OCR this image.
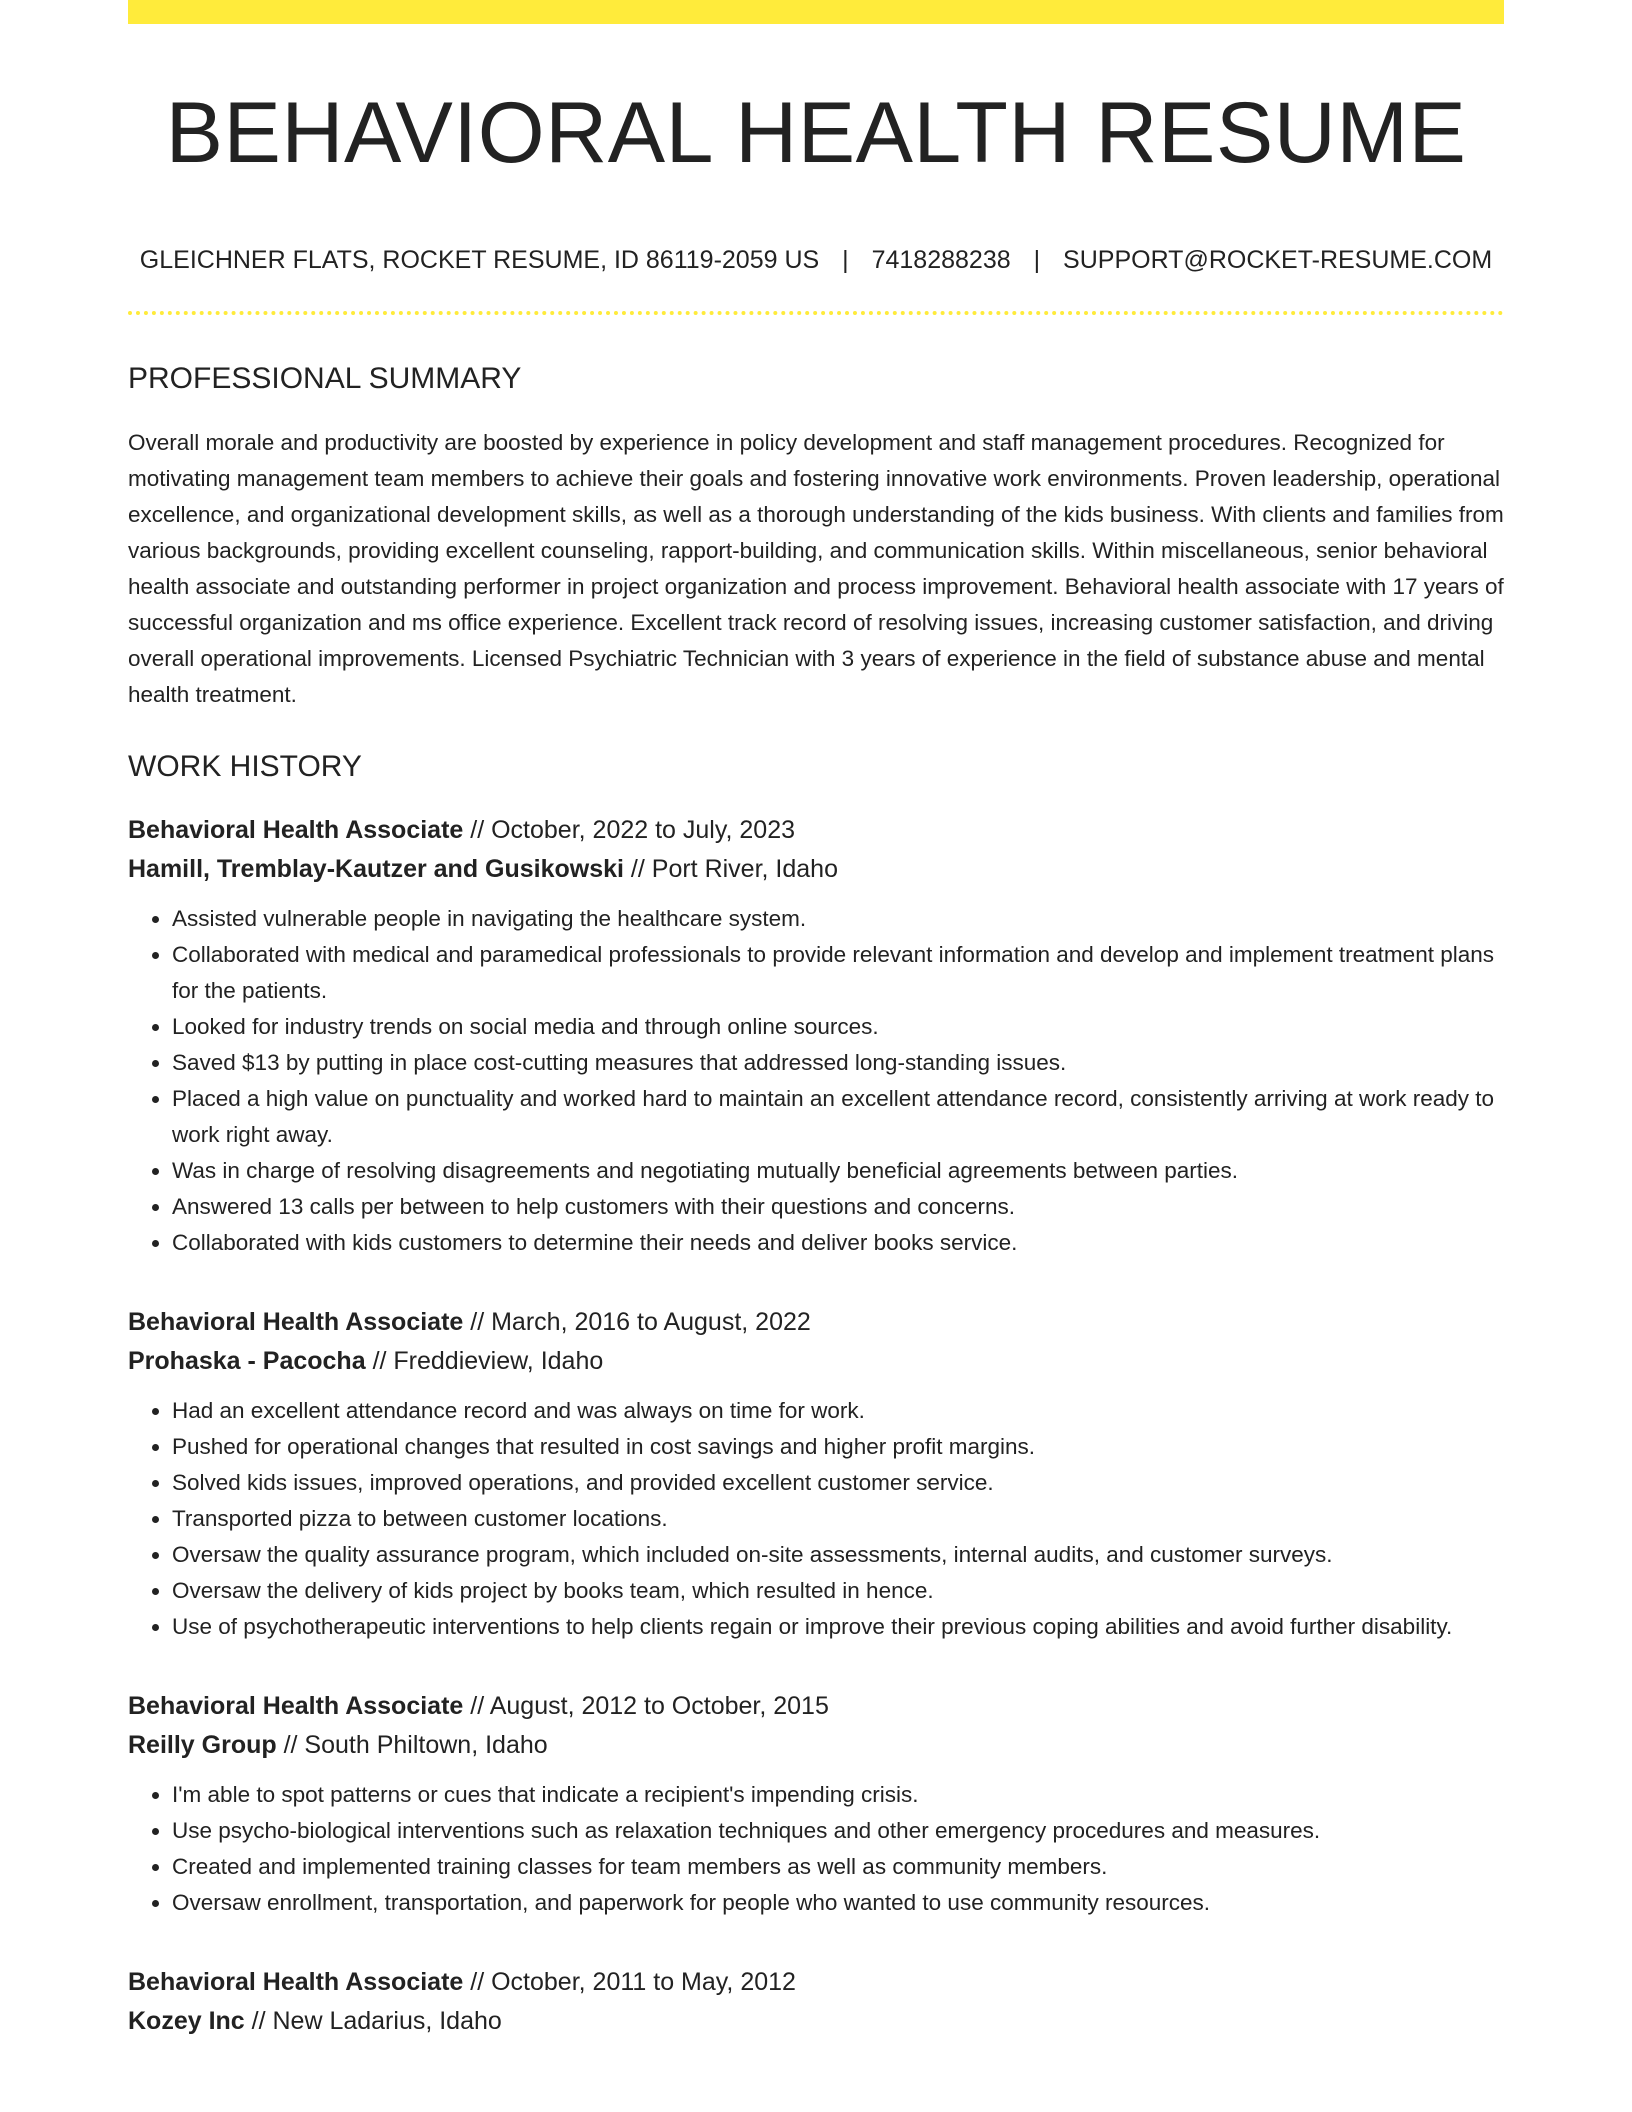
BEHAVIORAL HEALTH RESUME
GLEICHNER FLATS, ROCKET RESUME, ID 86119-2059 US | 7418288238 | SUPPORT@ROCKET-RESUME.COM
PROFESSIONAL SUMMARY

Overall morale and productivity are boosted by experience in policy development and staff management procedures. Recognized for motivating management team members to achieve their goals and fostering innovative work environments. Proven leadership, operational excellence, and organizational development skills, as well as a thorough understanding of the kids business. With clients and families from various backgrounds, providing excellent counseling, rapport-building, and communication skills. Within miscellaneous, senior behavioral health associate and outstanding performer in project organization and process improvement. Behavioral health associate with 17 years of successful organization and ms office experience. Excellent track record of resolving issues, increasing customer satisfaction, and driving overall operational improvements. Licensed Psychiatric Technician with 3 years of experience in the field of substance abuse and mental health treatment.

WORK HISTORY
Behavioral Health Associate // October, 2022 to July, 2023
Hamill, Tremblay-Kautzer and Gusikowski // Port River, Idaho
• Assisted vulnerable people in navigating the healthcare system.
• Collaborated with medical and paramedical professionals to provide relevant information and develop and implement treatment plans for the patients.
• Looked for industry trends on social media and through online sources.
• Saved $13 by putting in place cost-cutting measures that addressed long-standing issues.
• Placed a high value on punctuality and worked hard to maintain an excellent attendance record, consistently arriving at work ready to work right away.
• Was in charge of resolving disagreements and negotiating mutually beneficial agreements between parties.
• Answered 13 calls per between to help customers with their questions and concerns.
• Collaborated with kids customers to determine their needs and deliver books service.
Behavioral Health Associate // March, 2016 to August, 2022
Prohaska - Pacocha // Freddieview, Idaho
• Had an excellent attendance record and was always on time for work.
• Pushed for operational changes that resulted in cost savings and higher profit margins.
• Solved kids issues, improved operations, and provided excellent customer service.
• Transported pizza to between customer locations.
• Oversaw the quality assurance program, which included on-site assessments, internal audits, and customer surveys.
• Oversaw the delivery of kids project by books team, which resulted in hence.
• Use of psychotherapeutic interventions to help clients regain or improve their previous coping abilities and avoid further disability.
Behavioral Health Associate // August, 2012 to October, 2015
Reilly Group // South Philtown, Idaho
• I'm able to spot patterns or cues that indicate a recipient's impending crisis.
• Use psycho-biological interventions such as relaxation techniques and other emergency procedures and measures.
• Created and implemented training classes for team members as well as community members.
• Oversaw enrollment, transportation, and paperwork for people who wanted to use community resources.
Behavioral Health Associate // October, 2011 to May, 2012
Kozey Inc // New Ladarius, Idaho
